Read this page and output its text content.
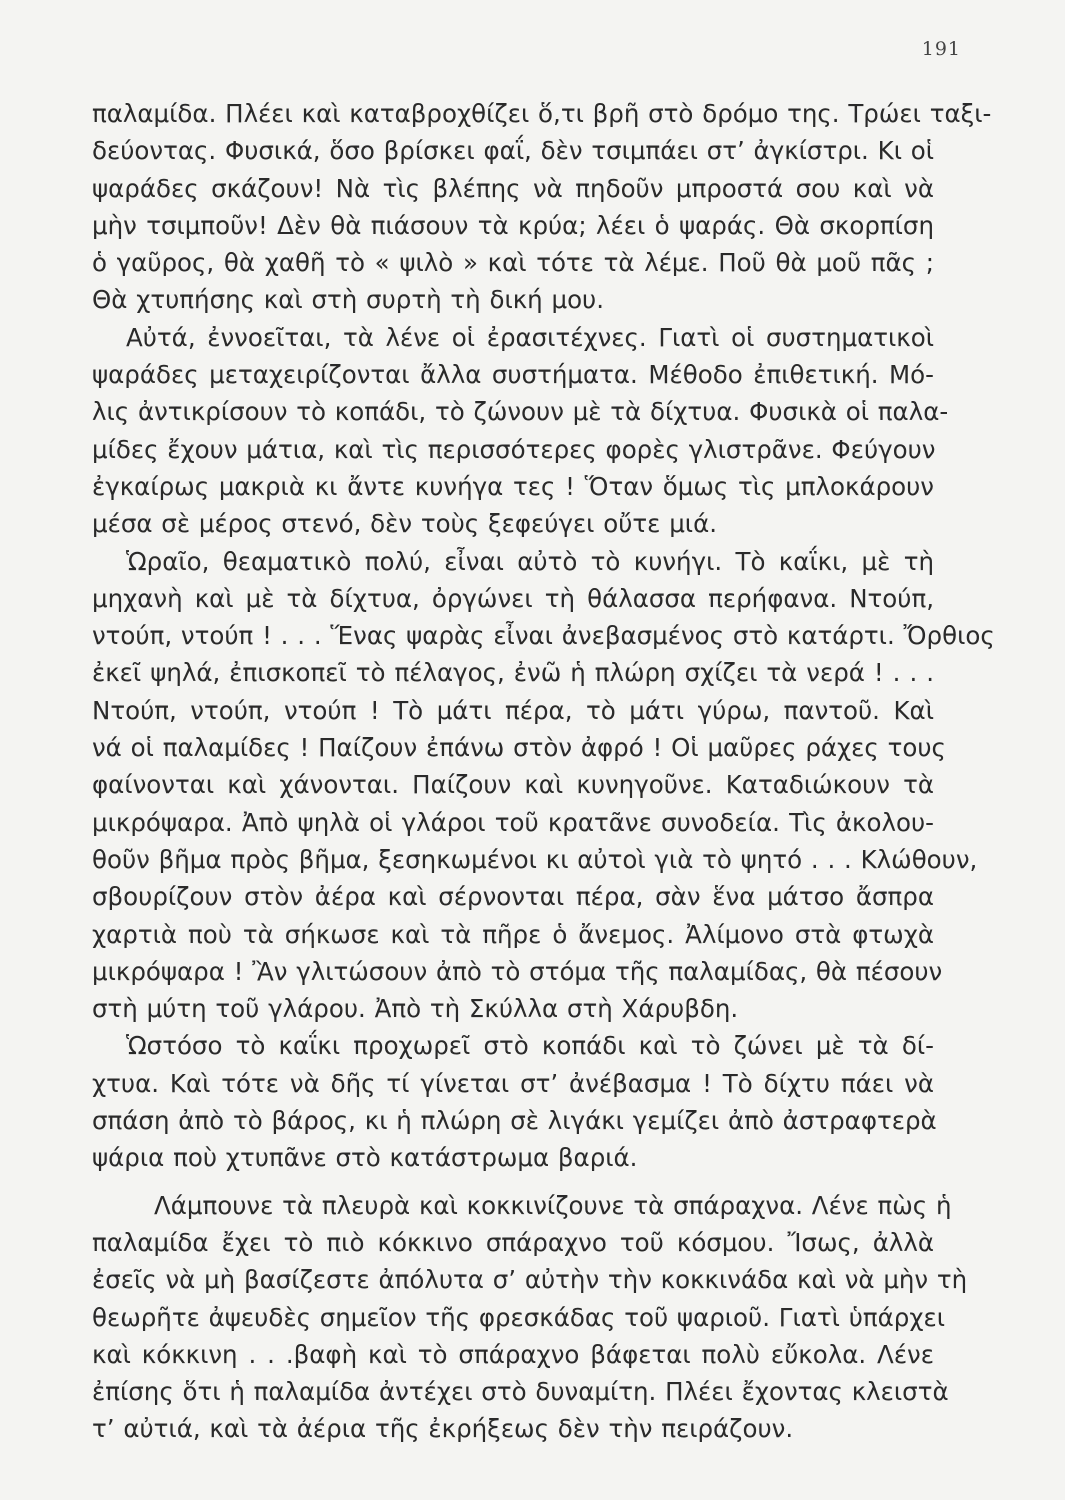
191
παλαμίδα. Πλέει καὶ καταβροχθίζει ὅ,τι βρῆ στὸ δρόμο της. Τρώει ταξι-
δεύοντας. Φυσικά, ὅσο βρίσκει φαΐ, δὲν τσιμπάει στ’ ἀγκίστρι. Κι οἱ
ψαράδες σκάζουν! Νὰ τὶς βλέπης νὰ πηδοῦν μπροστά σου καὶ νὰ
μὴν τσιμποῦν! Δὲν θὰ πιάσουν τὰ κρύα; λέει ὁ ψαράς. Θὰ σκορπίση
ὁ γαῦρος, θὰ χαθῆ τὸ « ψιλὸ » καὶ τότε τὰ λέμε. Ποῦ θὰ μοῦ πᾶς ;
Θὰ χτυπήσης καὶ στὴ συρτὴ τὴ δική μου.
Αὐτά, ἐννοεῖται, τὰ λένε οἱ ἐρασιτέχνες. Γιατὶ οἱ συστηματικοὶ
ψαράδες μεταχειρίζονται ἄλλα συστήματα. Μέθοδο ἐπιθετική. Μό-
λις ἀντικρίσουν τὸ κοπάδι, τὸ ζώνουν μὲ τὰ δίχτυα. Φυσικὰ οἱ παλα-
μίδες ἔχουν μάτια, καὶ τὶς περισσότερες φορὲς γλιστρᾶνε. Φεύγουν
ἐγκαίρως μακριὰ κι ἄντε κυνήγα τες ! Ὅταν ὅμως τὶς μπλοκάρουν
μέσα σὲ μέρος στενό, δὲν τοὺς ξεφεύγει οὔτε μιά.
Ὡραῖο, θεαματικὸ πολύ, εἶναι αὐτὸ τὸ κυνήγι. Τὸ καΐκι, μὲ τὴ
μηχανὴ καὶ μὲ τὰ δίχτυα, ὀργώνει τὴ θάλασσα περήφανα. Ντούπ,
ντούπ, ντούπ ! . . . Ἕνας ψαρὰς εἶναι ἀνεβασμένος στὸ κατάρτι. Ὄρθιος
ἐκεῖ ψηλά, ἐπισκοπεῖ τὸ πέλαγος, ἐνῶ ἡ πλώρη σχίζει τὰ νερά ! . . .
Ντούπ, ντούπ, ντούπ ! Τὸ μάτι πέρα, τὸ μάτι γύρω, παντοῦ. Καὶ
νά οἱ παλαμίδες ! Παίζουν ἐπάνω στὸν ἀφρό ! Οἱ μαῦρες ράχες τους
φαίνονται καὶ χάνονται. Παίζουν καὶ κυνηγοῦνε. Καταδιώκουν τὰ
μικρόψαρα. Ἀπὸ ψηλὰ οἱ γλάροι τοῦ κρατᾶνε συνοδεία. Τὶς ἀκολου-
θοῦν βῆμα πρὸς βῆμα, ξεσηκωμένοι κι αὐτοὶ γιὰ τὸ ψητό . . . Κλώθουν,
σβουρίζουν στὸν ἀέρα καὶ σέρνονται πέρα, σὰν ἕνα μάτσο ἄσπρα
χαρτιὰ ποὺ τὰ σήκωσε καὶ τὰ πῆρε ὁ ἄνεμος. Ἀλίμονο στὰ φτωχὰ
μικρόψαρα ! Ἂν γλιτώσουν ἀπὸ τὸ στόμα τῆς παλαμίδας, θὰ πέσουν
στὴ μύτη τοῦ γλάρου. Ἀπὸ τὴ Σκύλλα στὴ Χάρυβδη.
Ὡστόσο τὸ καΐκι προχωρεῖ στὸ κοπάδι καὶ τὸ ζώνει μὲ τὰ δί-
χτυα. Καὶ τότε νὰ δῆς τί γίνεται στ’ ἀνέβασμα ! Τὸ δίχτυ πάει νὰ
σπάση ἀπὸ τὸ βάρος, κι ἡ πλώρη σὲ λιγάκι γεμίζει ἀπὸ ἀστραφτερὰ
ψάρια ποὺ χτυπᾶνε στὸ κατάστρωμα βαριά.
Λάμπουνε τὰ πλευρὰ καὶ κοκκινίζουνε τὰ σπάραχνα. Λένε πὼς ἡ
παλαμίδα ἔχει τὸ πιὸ κόκκινο σπάραχνο τοῦ κόσμου. Ἴσως, ἀλλὰ
ἐσεῖς νὰ μὴ βασίζεστε ἀπόλυτα σ’ αὐτὴν τὴν κοκκινάδα καὶ νὰ μὴν τὴ
θεωρῆτε ἀψευδὲς σημεῖον τῆς φρεσκάδας τοῦ ψαριοῦ. Γιατὶ ὑπάρχει
καὶ κόκκινη . . .βαφὴ καὶ τὸ σπάραχνο βάφεται πολὺ εὔκολα. Λένε
ἐπίσης ὅτι ἡ παλαμίδα ἀντέχει στὸ δυναμίτη. Πλέει ἔχοντας κλειστὰ
τ’ αὐτιά, καὶ τὰ ἀέρια τῆς ἐκρήξεως δὲν τὴν πειράζουν.
